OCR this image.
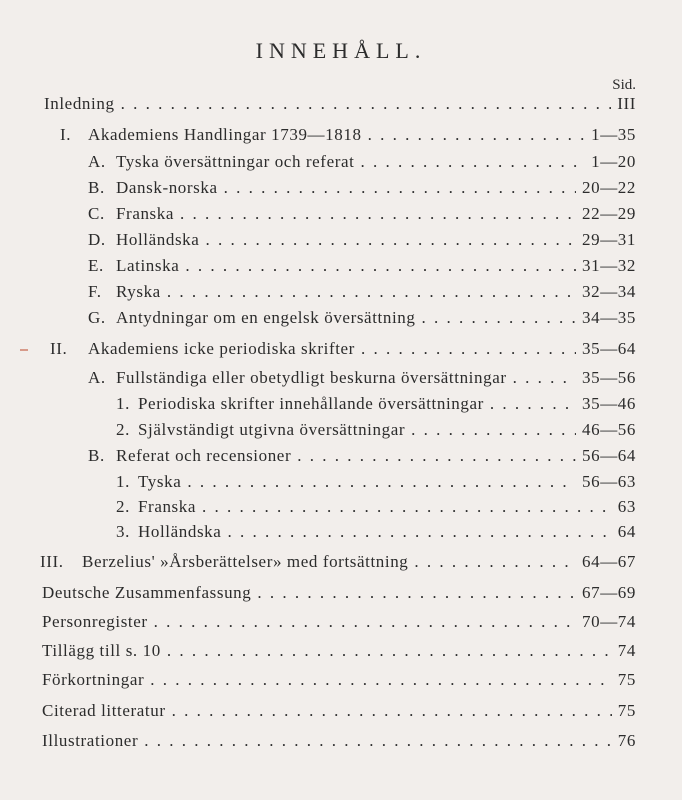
INNEHÅLL.
Sid.
Inledning . . .	III
I. Akademiens Handlingar 1739—1818 . . .	1—35
A. Tyska översättningar och referat . . .	1—20
B. Dansk-norska . . .	20—22
C. Franska . . .	22—29
D. Holländska . . .	29—31
E. Latinska . . .	31—32
F. Ryska . . .	32—34
G. Antydningar om en engelsk översättning . . .	34—35
II.	Akademiens icke periodiska skrifter . . .	35—64
A. Fullständiga eller obetydligt beskurna översättningar . . .	35—56
1. Periodiska skrifter innehållande översättningar . . .	35—46
2. Självständigt utgivna översättningar . . .	46—56
B. Referat och recensioner . . .	56—64
1. Tyska . . .	56—63
2. Franska . . .	63
3. Holländska . . .	64
III.	Berzelius' »Årsberättelser» med fortsättning . . .	64—67
Deutsche Zusammenfassung . . .	67—69
Personregister . . .	70—74
Tillägg till s. 10 . . .	74
Förkortningar . . .	75
Citerad litteratur . . .	75
Illustrationer . . .	76
